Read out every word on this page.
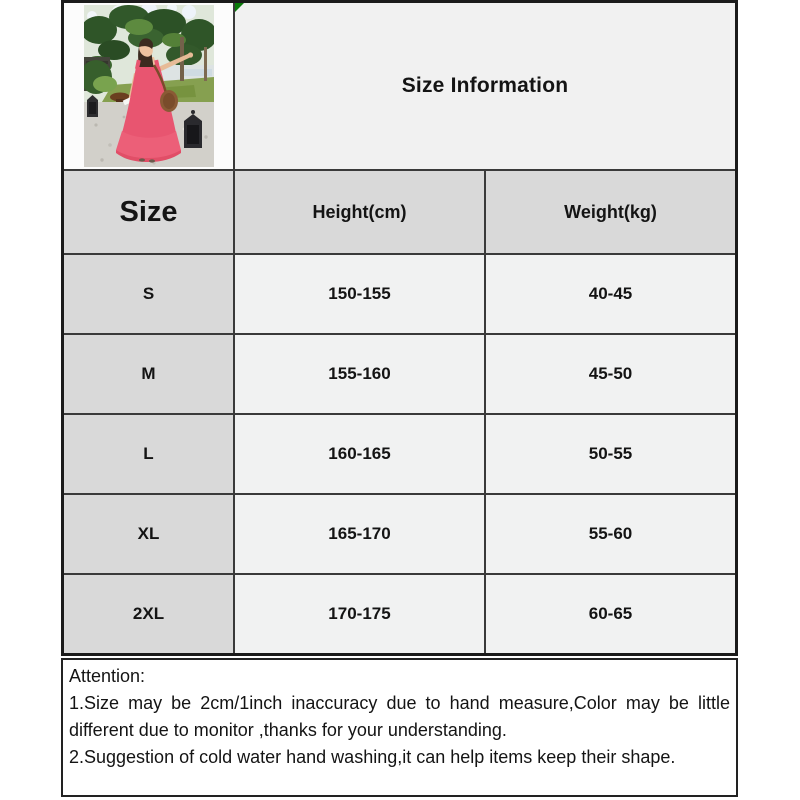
Size Information
Size	Height(cm)	Weight(kg)
S	150-155	40-45
M	155-160	45-50
L	160-165	50-55
XL	165-170	55-60
2XL	170-175	60-65
Attention:

1.Size may be 2cm/1inch inaccuracy due to hand measure,Color may be little different due to monitor ,thanks for your understanding.

2.Suggestion of cold water hand washing,it can help items keep their shape.
